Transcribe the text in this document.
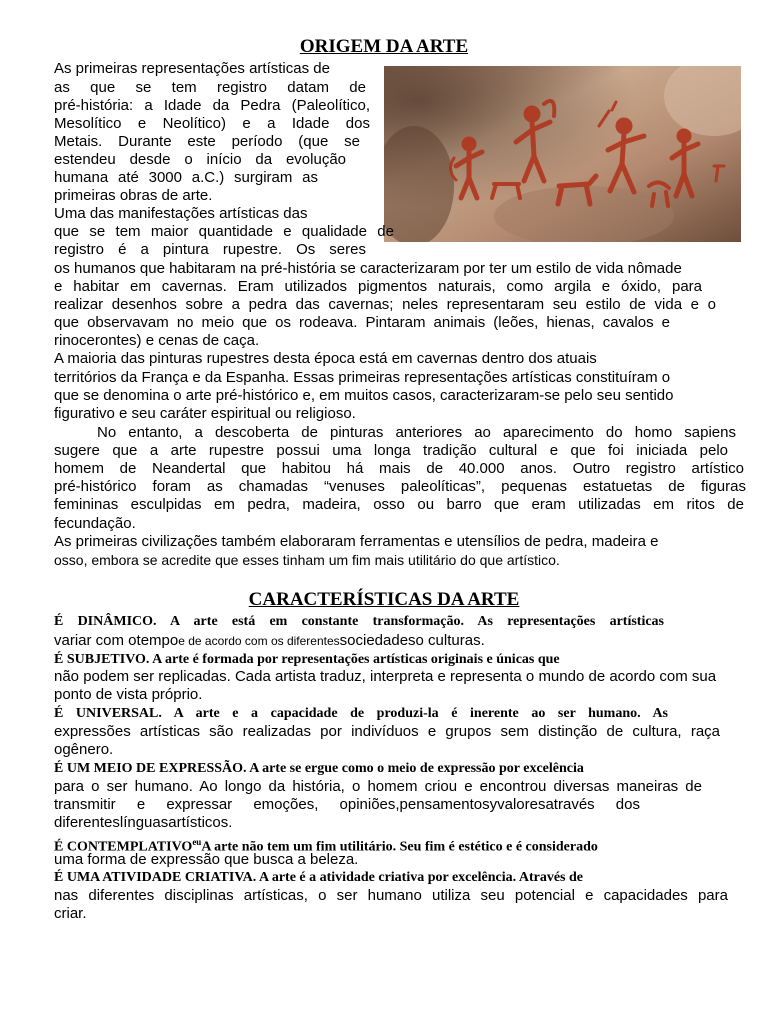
ORIGEM DA ARTE
As primeiras representações artísticas de
as que se tem registro datam de
pré-história: a Idade da Pedra (Paleolítico,
Mesolítico e Neolítico) e a Idade dos
Metais. Durante este período (que se
estendeu desde o início da evolução
humana até 3000 a.C.) surgiram as
primeiras obras de arte.
Uma das manifestações artísticas das
que se tem maior quantidade e qualidade de
registro é a pintura rupestre. Os seres
os humanos que habitaram na pré-história se caracterizaram por ter um estilo de vida nômade
e habitar em cavernas. Eram utilizados pigmentos naturais, como argila e óxido, para
realizar desenhos sobre a pedra das cavernas; neles representaram seu estilo de vida e o
que observavam no meio que os rodeava. Pintaram animais (leões, hienas, cavalos e
rinocerontes) e cenas de caça.
A maioria das pinturas rupestres desta época está em cavernas dentro dos atuais
territórios da França e da Espanha. Essas primeiras representações artísticas constituíram o
que se denomina o arte pré-histórico e, em muitos casos, caracterizaram-se pelo seu sentido
figurativo e seu caráter espiritual ou religioso.
No entanto, a descoberta de pinturas anteriores ao aparecimento do homo sapiens
sugere que a arte rupestre possui uma longa tradição cultural e que foi iniciada pelo
homem de Neandertal que habitou há mais de 40.000 anos. Outro registro artístico
pré-histórico foram as chamadas “venuses paleolíticas”, pequenas estatuetas de figuras
femininas esculpidas em pedra, madeira, osso ou barro que eram utilizadas em ritos de
fecundação.
As primeiras civilizações também elaboraram ferramentas e utensílios de pedra, madeira e
osso, embora se acredite que esses tinham um fim mais utilitário do que artístico.
CARACTERÍSTICAS DA ARTE
É DINÂMICO. A arte está em constante transformação. As representações artísticas
variar com otempoe de acordo com os diferentessociedadeso culturas.
É SUBJETIVO. A arte é formada por representações artísticas originais e únicas que
não podem ser replicadas. Cada artista traduz, interpreta e representa o mundo de acordo com sua
ponto de vista próprio.
É UNIVERSAL. A arte e a capacidade de produzi-la é inerente ao ser humano. As
expressões artísticas são realizadas por indivíduos e grupos sem distinção de cultura, raça
ogênero.
É UM MEIO DE EXPRESSÃO. A arte se ergue como o meio de expressão por excelência
para o ser humano. Ao longo da história, o homem criou e encontrou diversas maneiras de
transmitir e expressar emoções, opiniões,pensamentosyvaloresatravés dos
diferenteslínguasartísticos.
É $CONTEMPLATIVO^{eu}A$ arte não tem um fim utilitário. Seu fim é estético e é considerado
uma forma de expressão que busca a beleza.
É UMA ATIVIDADE CRIATIVA. A arte é a atividade criativa por excelência. Através de
nas diferentes disciplinas artísticas, o ser humano utiliza seu potencial e capacidades para
criar.
